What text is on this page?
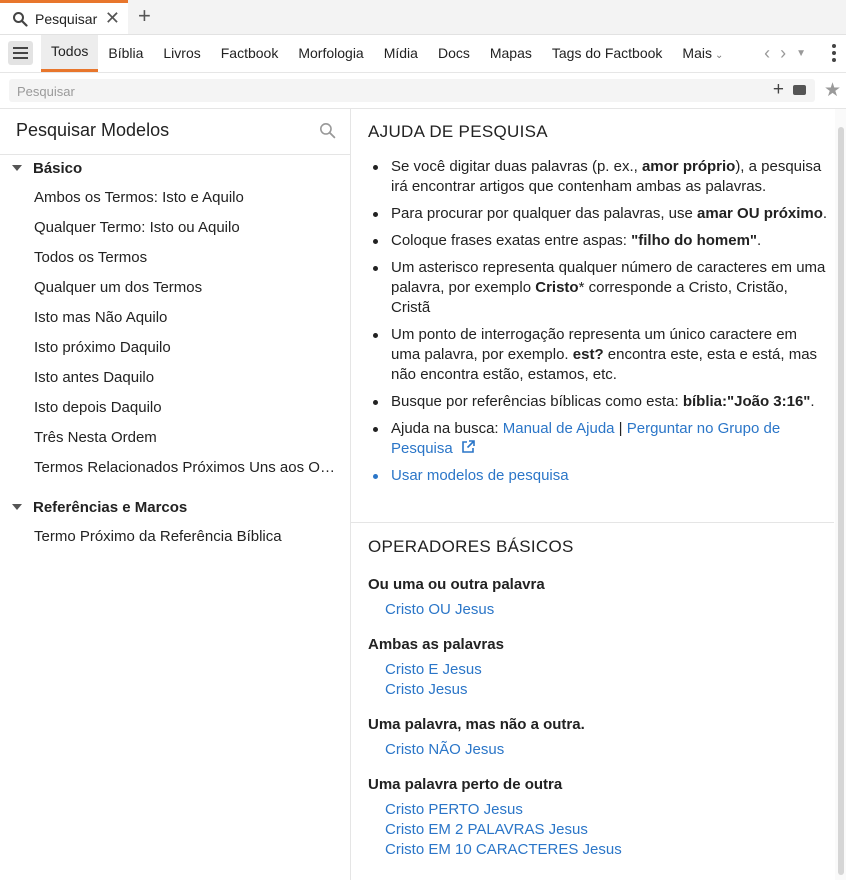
Pesquisar ✕ +
Todos	Bíblia	Livros	Factbook	Morfologia	Mídia	Docs	Mapas	Tags do Factbook	Mais ⌄	‹ › ▼
Pesquisar
+ ★
Pesquisar Modelos
Básico
Ambos os Termos: Isto e Aquilo
Qualquer Termo: Isto ou Aquilo
Todos os Termos
Qualquer um dos Termos
Isto mas Não Aquilo
Isto próximo Daquilo
Isto antes Daquilo
Isto depois Daquilo
Três Nesta Ordem
Termos Relacionados Próximos Uns aos O…
Referências e Marcos
Termo Próximo da Referência Bíblica
AJUDA DE PESQUISA
Se você digitar duas palavras (p. ex., amor próprio), a pesquisa irá encontrar artigos que contenham ambas as palavras.
Para procurar por qualquer das palavras, use amar OU próximo.
Coloque frases exatas entre aspas: "filho do homem".
Um asterisco representa qualquer número de caracteres em uma palavra, por exemplo Cristo* corresponde a Cristo, Cristão, Cristã
Um ponto de interrogação representa um único caractere em uma palavra, por exemplo. est? encontra este, esta e está, mas não encontra estão, estamos, etc.
Busque por referências bíblicas como esta: bíblia:"João 3:16".
Ajuda na busca: Manual de Ajuda | Perguntar no Grupo de Pesquisa
Usar modelos de pesquisa
OPERADORES BÁSICOS
Ou uma ou outra palavra
Cristo OU Jesus
Ambas as palavras
Cristo E Jesus
Cristo Jesus
Uma palavra, mas não a outra.
Cristo NÃO Jesus
Uma palavra perto de outra
Cristo PERTO Jesus
Cristo EM 2 PALAVRAS Jesus
Cristo EM 10 CARACTERES Jesus
